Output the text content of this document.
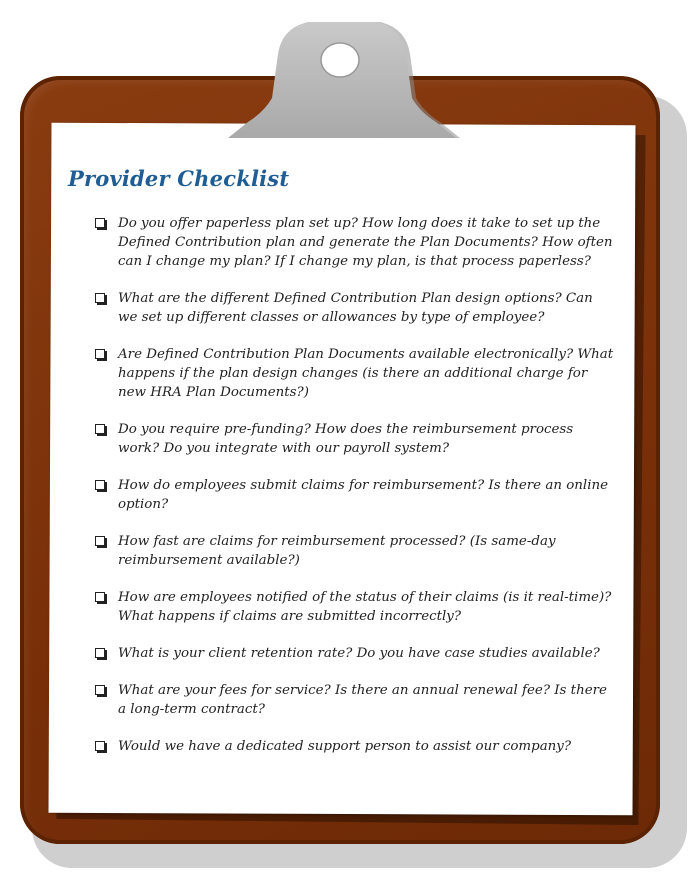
Provider Checklist
Do you offer paperless plan set up? How long does it take to set up the Defined Contribution plan and generate the Plan Documents? How often can I change my plan? If I change my plan, is that process paperless?
What are the different Defined Contribution Plan design options? Can we set up different classes or allowances by type of employee?
Are Defined Contribution Plan Documents available electronically? What happens if the plan design changes (is there an additional charge for new HRA Plan Documents?)
Do you require pre-funding? How does the reimbursement process work? Do you integrate with our payroll system?
How do employees submit claims for reimbursement? Is there an online option?
How fast are claims for reimbursement processed? (Is same-day reimbursement available?)
How are employees notified of the status of their claims (is it real-time)? What happens if claims are submitted incorrectly?
What is your client retention rate? Do you have case studies available?
What are your fees for service? Is there an annual renewal fee? Is there a long-term contract?
Would we have a dedicated support person to assist our company?
